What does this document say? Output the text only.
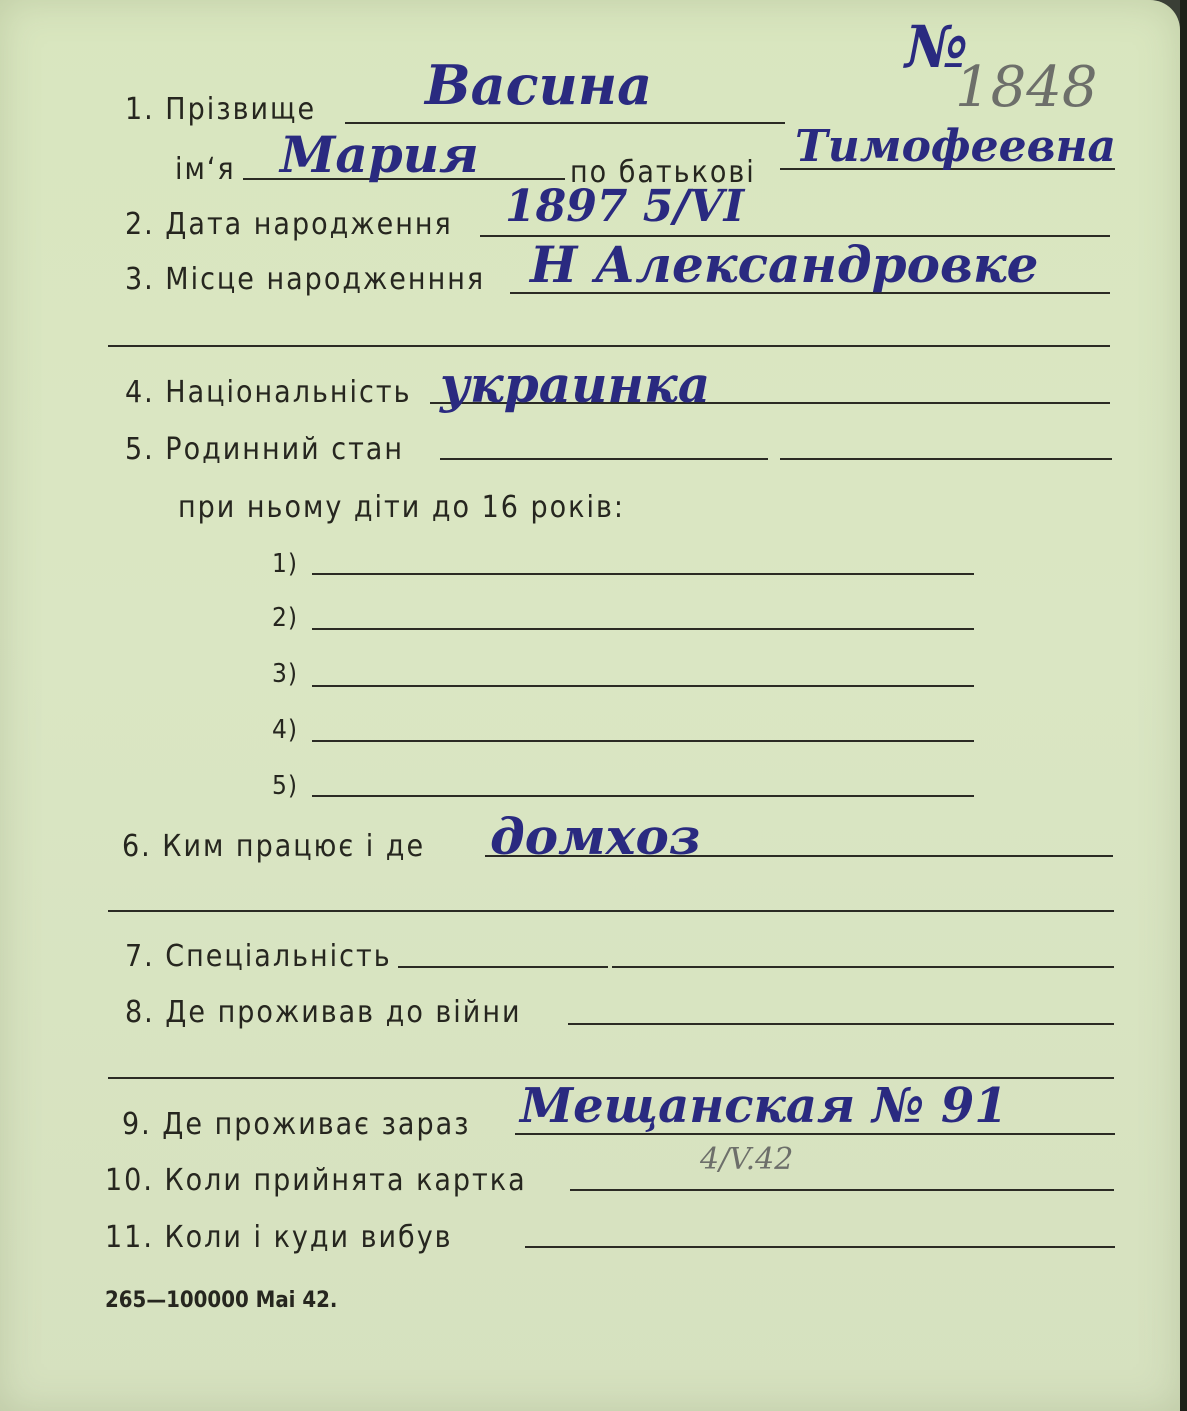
№
1848
1. Прізвище Васина
ім‘я Мария	по батькові
Тимофеевна
2. Дата народження 1897 5/VI
3. Місце народженння Н Александровке
4. Національність украинка
5. Родинний стан
при ньому діти до 16 років:
1)
2)
3)
4)
5)
6. Ким працює і де домхоз
7. Спеціальність
8. Де проживав до війни
9. Де проживає зараз Мещанская № 91
10. Коли прийнята картка
4/V.42
11. Коли і куди вибув
265—100000 Mai 42.
